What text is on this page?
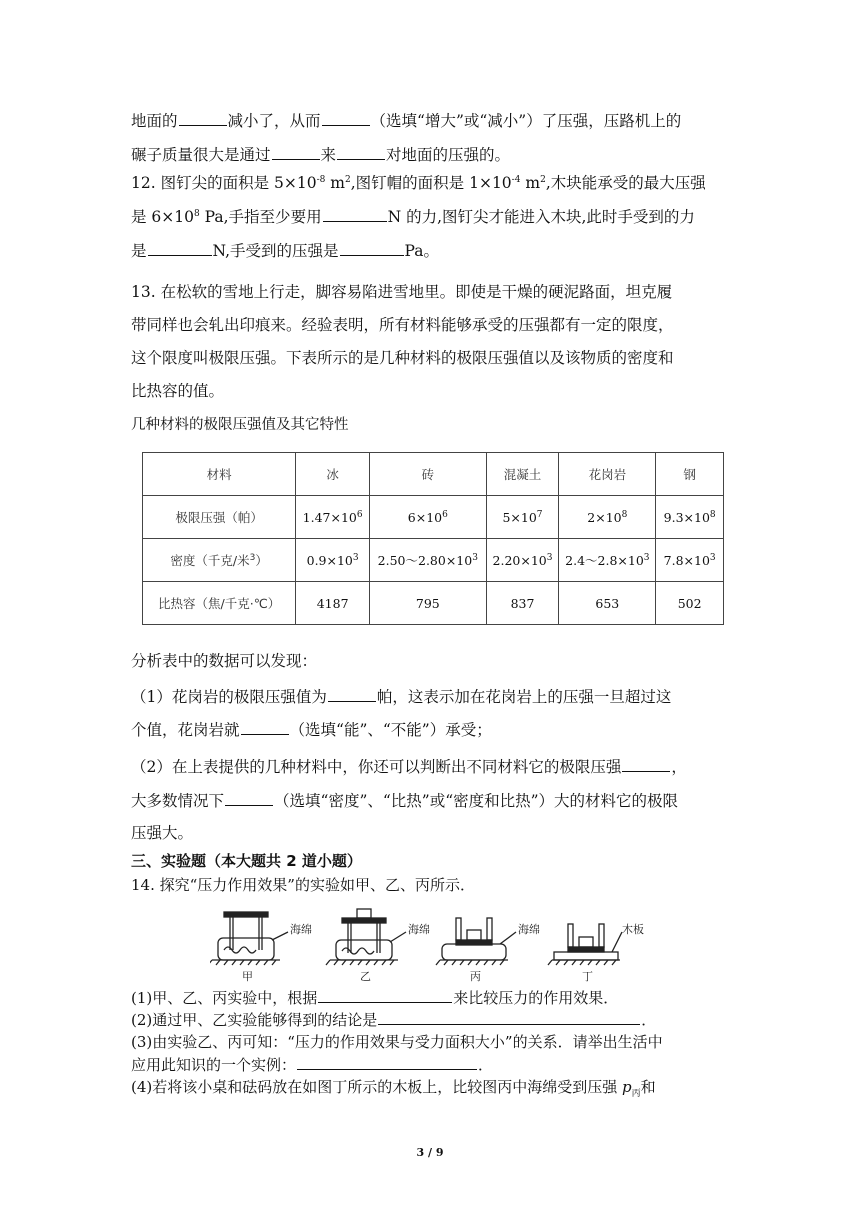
地面的	减小了，从而	（选填“增大”或“减小”）了压强，压路机上的
碾子质量很大是通过	来	对地面的压强的。
12. 图钉尖的面积是 $5\times 10^{-8}$ $m^2$,图钉帽的面积是 $1\times 10^{-4}$ $m^2$,木块能承受的最大压强
是 $6\times 10^8$ Pa,手指至少要用	N 的力,图钉尖才能进入木块,此时手受到的力
是	N,手受到的压强是	Pa。
13. 在松软的雪地上行走，脚容易陷进雪地里。即使是干燥的硬泥路面，坦克履
带同样也会轧出印痕来。经验表明，所有材料能够承受的压强都有一定的限度，
这个限度叫极限压强。下表所示的是几种材料的极限压强值以及该物质的密度和
比热容的值。
几种材料的极限压强值及其它特性
材料	冰	砖	混凝土	花岗岩	钢
极限压强（帕）	$1.47\times 10^6$	$6\times 10^6$	$5\times 10^7$	$2\times 10^8$	$9.3\times 10^8$
密度（千克/米$^3$）	$0.9\times 10^3$	$2.50\sim 2.80\times 10^3$	$2.20\times 10^3$	$2.4\sim 2.8\times 10^3$	$7.8\times 10^3$
比热容（焦/千克·℃）	4187	795	837	653	502
分析表中的数据可以发现：
（1）花岗岩的极限压强值为	帕，这表示加在花岗岩上的压强一旦超过这
个值，花岗岩就	（选填“能”、“不能”）承受；
（2）在上表提供的几种材料中，你还可以判断出不同材料它的极限压强	，
大多数情况下	（选填“密度”、“比热”或“密度和比热”）大的材料它的极限
压强大。
三、实验题（本大题共 2 道小题）
14. 探究“压力作用效果”的实验如甲、乙、丙所示．
海绵	海绵	海绵	木板
甲	乙	丙	丁
(1)甲、乙、丙实验中，根据	来比较压力的作用效果．
(2)通过甲、乙实验能够得到的结论是	．
(3)由实验乙、丙可知：“压力的作用效果与受力面积大小”的关系．请举出生活中
应用此知识的一个实例：	．
(4)若将该小桌和砝码放在如图丁所示的木板上，比较图丙中海绵受到压强 $p_丙$和
3 / 9
